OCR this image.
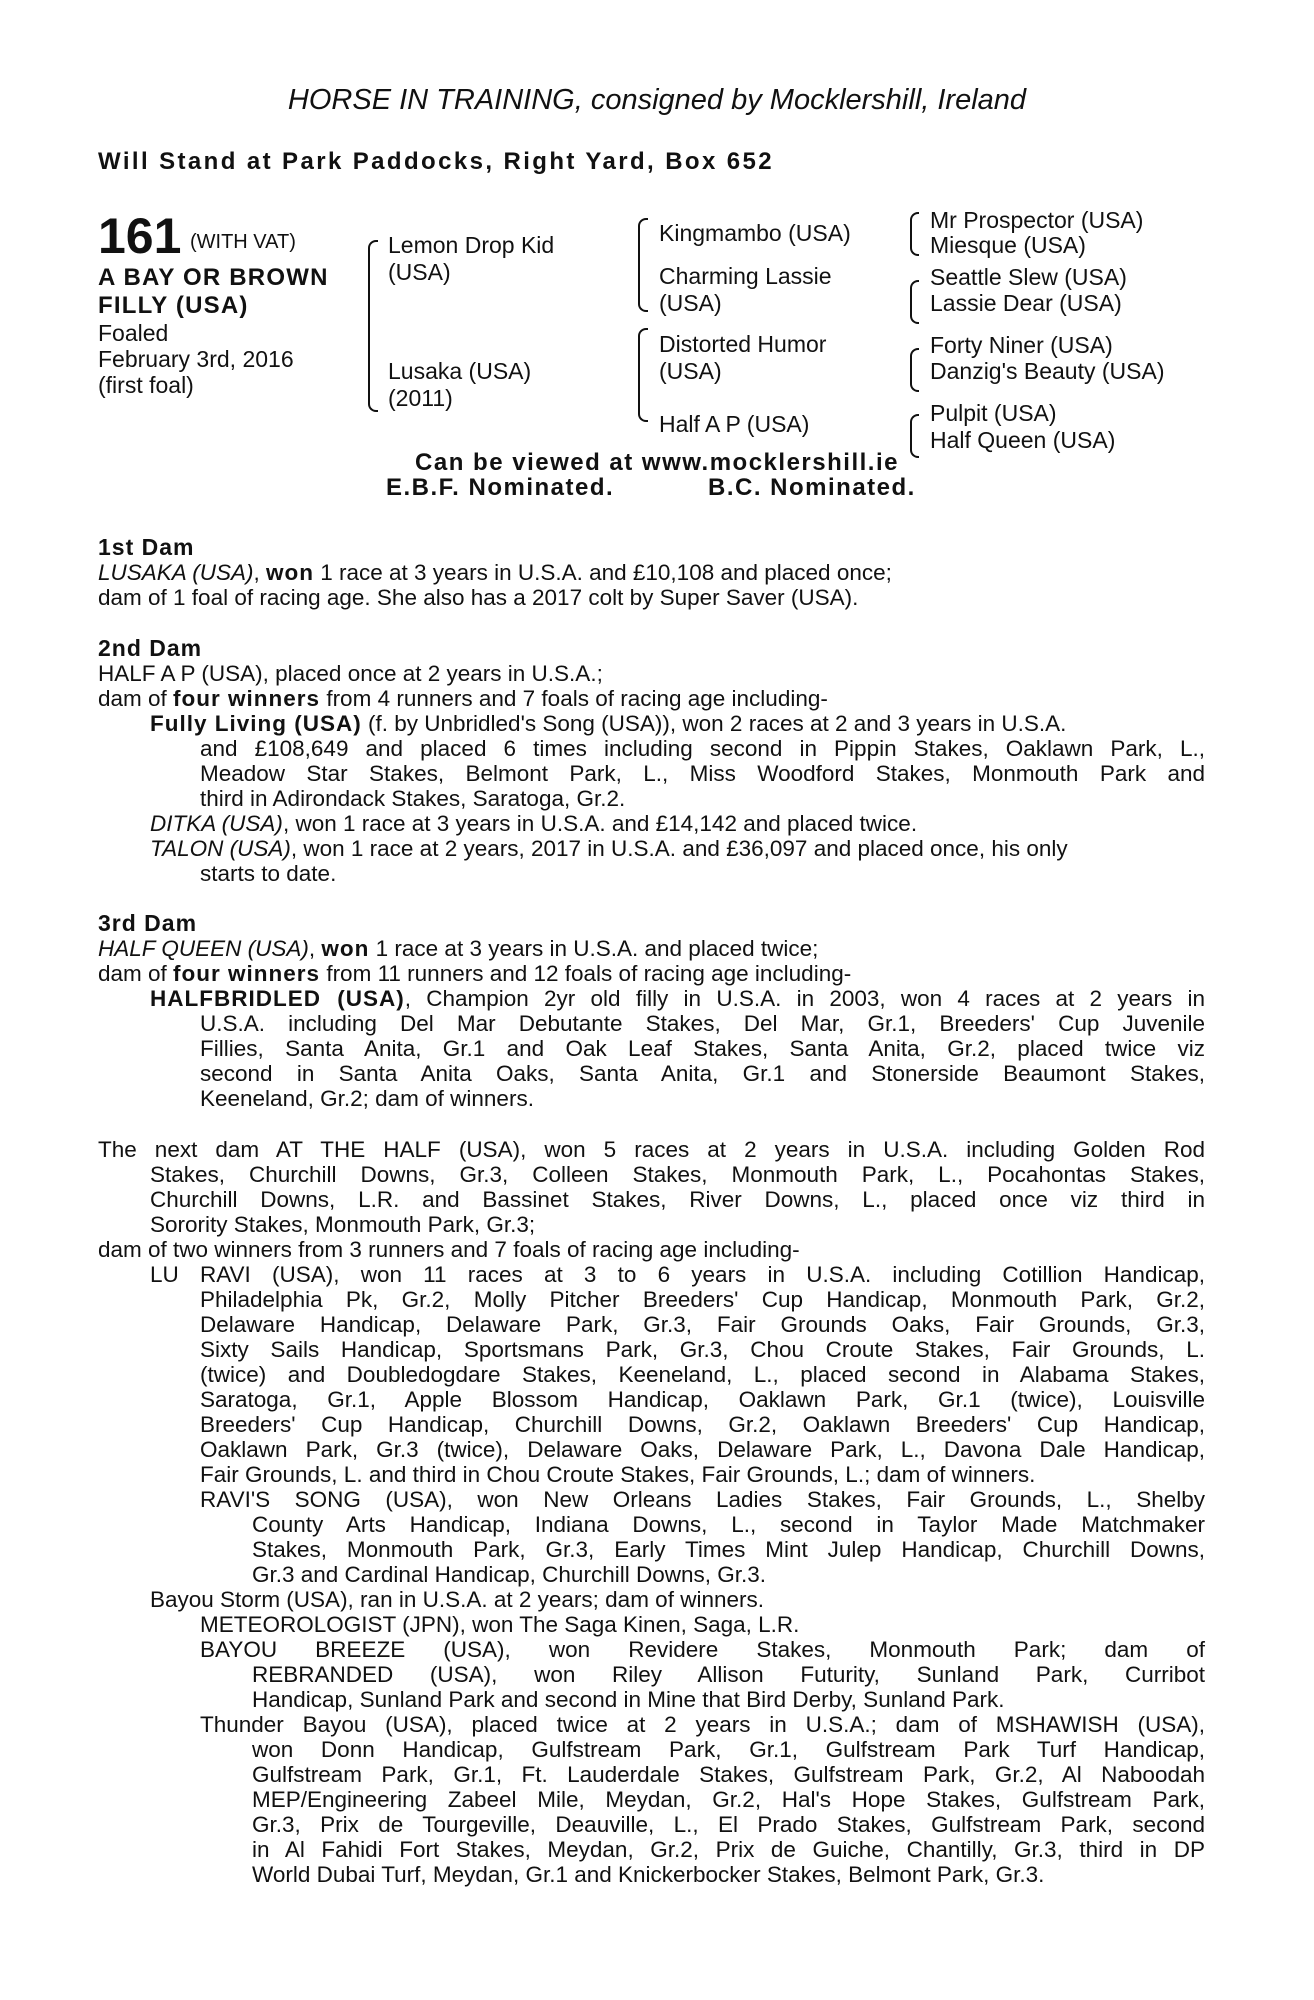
HORSE IN TRAINING, consigned by Mocklershill, Ireland
Will Stand at Park Paddocks, Right Yard, Box 652
161 (WITH VAT)
A BAY OR BROWN
FILLY (USA)
Foaled
February 3rd, 2016
(first foal)
Lemon Drop Kid
(USA)
Lusaka (USA)
(2011)
Kingmambo (USA)
Charming Lassie
(USA)
Distorted Humor
(USA)
Half A P (USA)
Mr Prospector (USA)
Miesque (USA)
Seattle Slew (USA)
Lassie Dear (USA)
Forty Niner (USA)
Danzig's Beauty (USA)
Pulpit (USA)
Half Queen (USA)
Can be viewed at www.mocklershill.ie
E.B.F. Nominated.	B.C. Nominated.
1st Dam
LUSAKA (USA), won 1 race at 3 years in U.S.A. and £10,108 and placed once;
dam of 1 foal of racing age. She also has a 2017 colt by Super Saver (USA).
2nd Dam
HALF A P (USA), placed once at 2 years in U.S.A.;
dam of four winners from 4 runners and 7 foals of racing age including-
Fully Living (USA) (f. by Unbridled's Song (USA)), won 2 races at 2 and 3 years in U.S.A.
and £108,649 and placed 6 times including second in Pippin Stakes, Oaklawn Park, L.,
Meadow Star Stakes, Belmont Park, L., Miss Woodford Stakes, Monmouth Park and
third in Adirondack Stakes, Saratoga, Gr.2.
DITKA (USA), won 1 race at 3 years in U.S.A. and £14,142 and placed twice.
TALON (USA), won 1 race at 2 years, 2017 in U.S.A. and £36,097 and placed once, his only
starts to date.
3rd Dam
HALF QUEEN (USA), won 1 race at 3 years in U.S.A. and placed twice;
dam of four winners from 11 runners and 12 foals of racing age including-
HALFBRIDLED (USA), Champion 2yr old filly in U.S.A. in 2003, won 4 races at 2 years in
U.S.A. including Del Mar Debutante Stakes, Del Mar, Gr.1, Breeders' Cup Juvenile
Fillies, Santa Anita, Gr.1 and Oak Leaf Stakes, Santa Anita, Gr.2, placed twice viz
second in Santa Anita Oaks, Santa Anita, Gr.1 and Stonerside Beaumont Stakes,
Keeneland, Gr.2; dam of winners.
The next dam AT THE HALF (USA), won 5 races at 2 years in U.S.A. including Golden Rod
Stakes, Churchill Downs, Gr.3, Colleen Stakes, Monmouth Park, L., Pocahontas Stakes,
Churchill Downs, L.R. and Bassinet Stakes, River Downs, L., placed once viz third in
Sorority Stakes, Monmouth Park, Gr.3;
dam of two winners from 3 runners and 7 foals of racing age including-
LU RAVI (USA), won 11 races at 3 to 6 years in U.S.A. including Cotillion Handicap,
Philadelphia Pk, Gr.2, Molly Pitcher Breeders' Cup Handicap, Monmouth Park, Gr.2,
Delaware Handicap, Delaware Park, Gr.3, Fair Grounds Oaks, Fair Grounds, Gr.3,
Sixty Sails Handicap, Sportsmans Park, Gr.3, Chou Croute Stakes, Fair Grounds, L.
(twice) and Doubledogdare Stakes, Keeneland, L., placed second in Alabama Stakes,
Saratoga, Gr.1, Apple Blossom Handicap, Oaklawn Park, Gr.1 (twice), Louisville
Breeders' Cup Handicap, Churchill Downs, Gr.2, Oaklawn Breeders' Cup Handicap,
Oaklawn Park, Gr.3 (twice), Delaware Oaks, Delaware Park, L., Davona Dale Handicap,
Fair Grounds, L. and third in Chou Croute Stakes, Fair Grounds, L.; dam of winners.
RAVI'S SONG (USA), won New Orleans Ladies Stakes, Fair Grounds, L., Shelby
County Arts Handicap, Indiana Downs, L., second in Taylor Made Matchmaker
Stakes, Monmouth Park, Gr.3, Early Times Mint Julep Handicap, Churchill Downs,
Gr.3 and Cardinal Handicap, Churchill Downs, Gr.3.
Bayou Storm (USA), ran in U.S.A. at 2 years; dam of winners.
METEOROLOGIST (JPN), won The Saga Kinen, Saga, L.R.
BAYOU BREEZE (USA), won Revidere Stakes, Monmouth Park; dam of
REBRANDED (USA), won Riley Allison Futurity, Sunland Park, Curribot
Handicap, Sunland Park and second in Mine that Bird Derby, Sunland Park.
Thunder Bayou (USA), placed twice at 2 years in U.S.A.; dam of MSHAWISH (USA),
won Donn Handicap, Gulfstream Park, Gr.1, Gulfstream Park Turf Handicap,
Gulfstream Park, Gr.1, Ft. Lauderdale Stakes, Gulfstream Park, Gr.2, Al Naboodah
MEP/Engineering Zabeel Mile, Meydan, Gr.2, Hal's Hope Stakes, Gulfstream Park,
Gr.3, Prix de Tourgeville, Deauville, L., El Prado Stakes, Gulfstream Park, second
in Al Fahidi Fort Stakes, Meydan, Gr.2, Prix de Guiche, Chantilly, Gr.3, third in DP
World Dubai Turf, Meydan, Gr.1 and Knickerbocker Stakes, Belmont Park, Gr.3.
